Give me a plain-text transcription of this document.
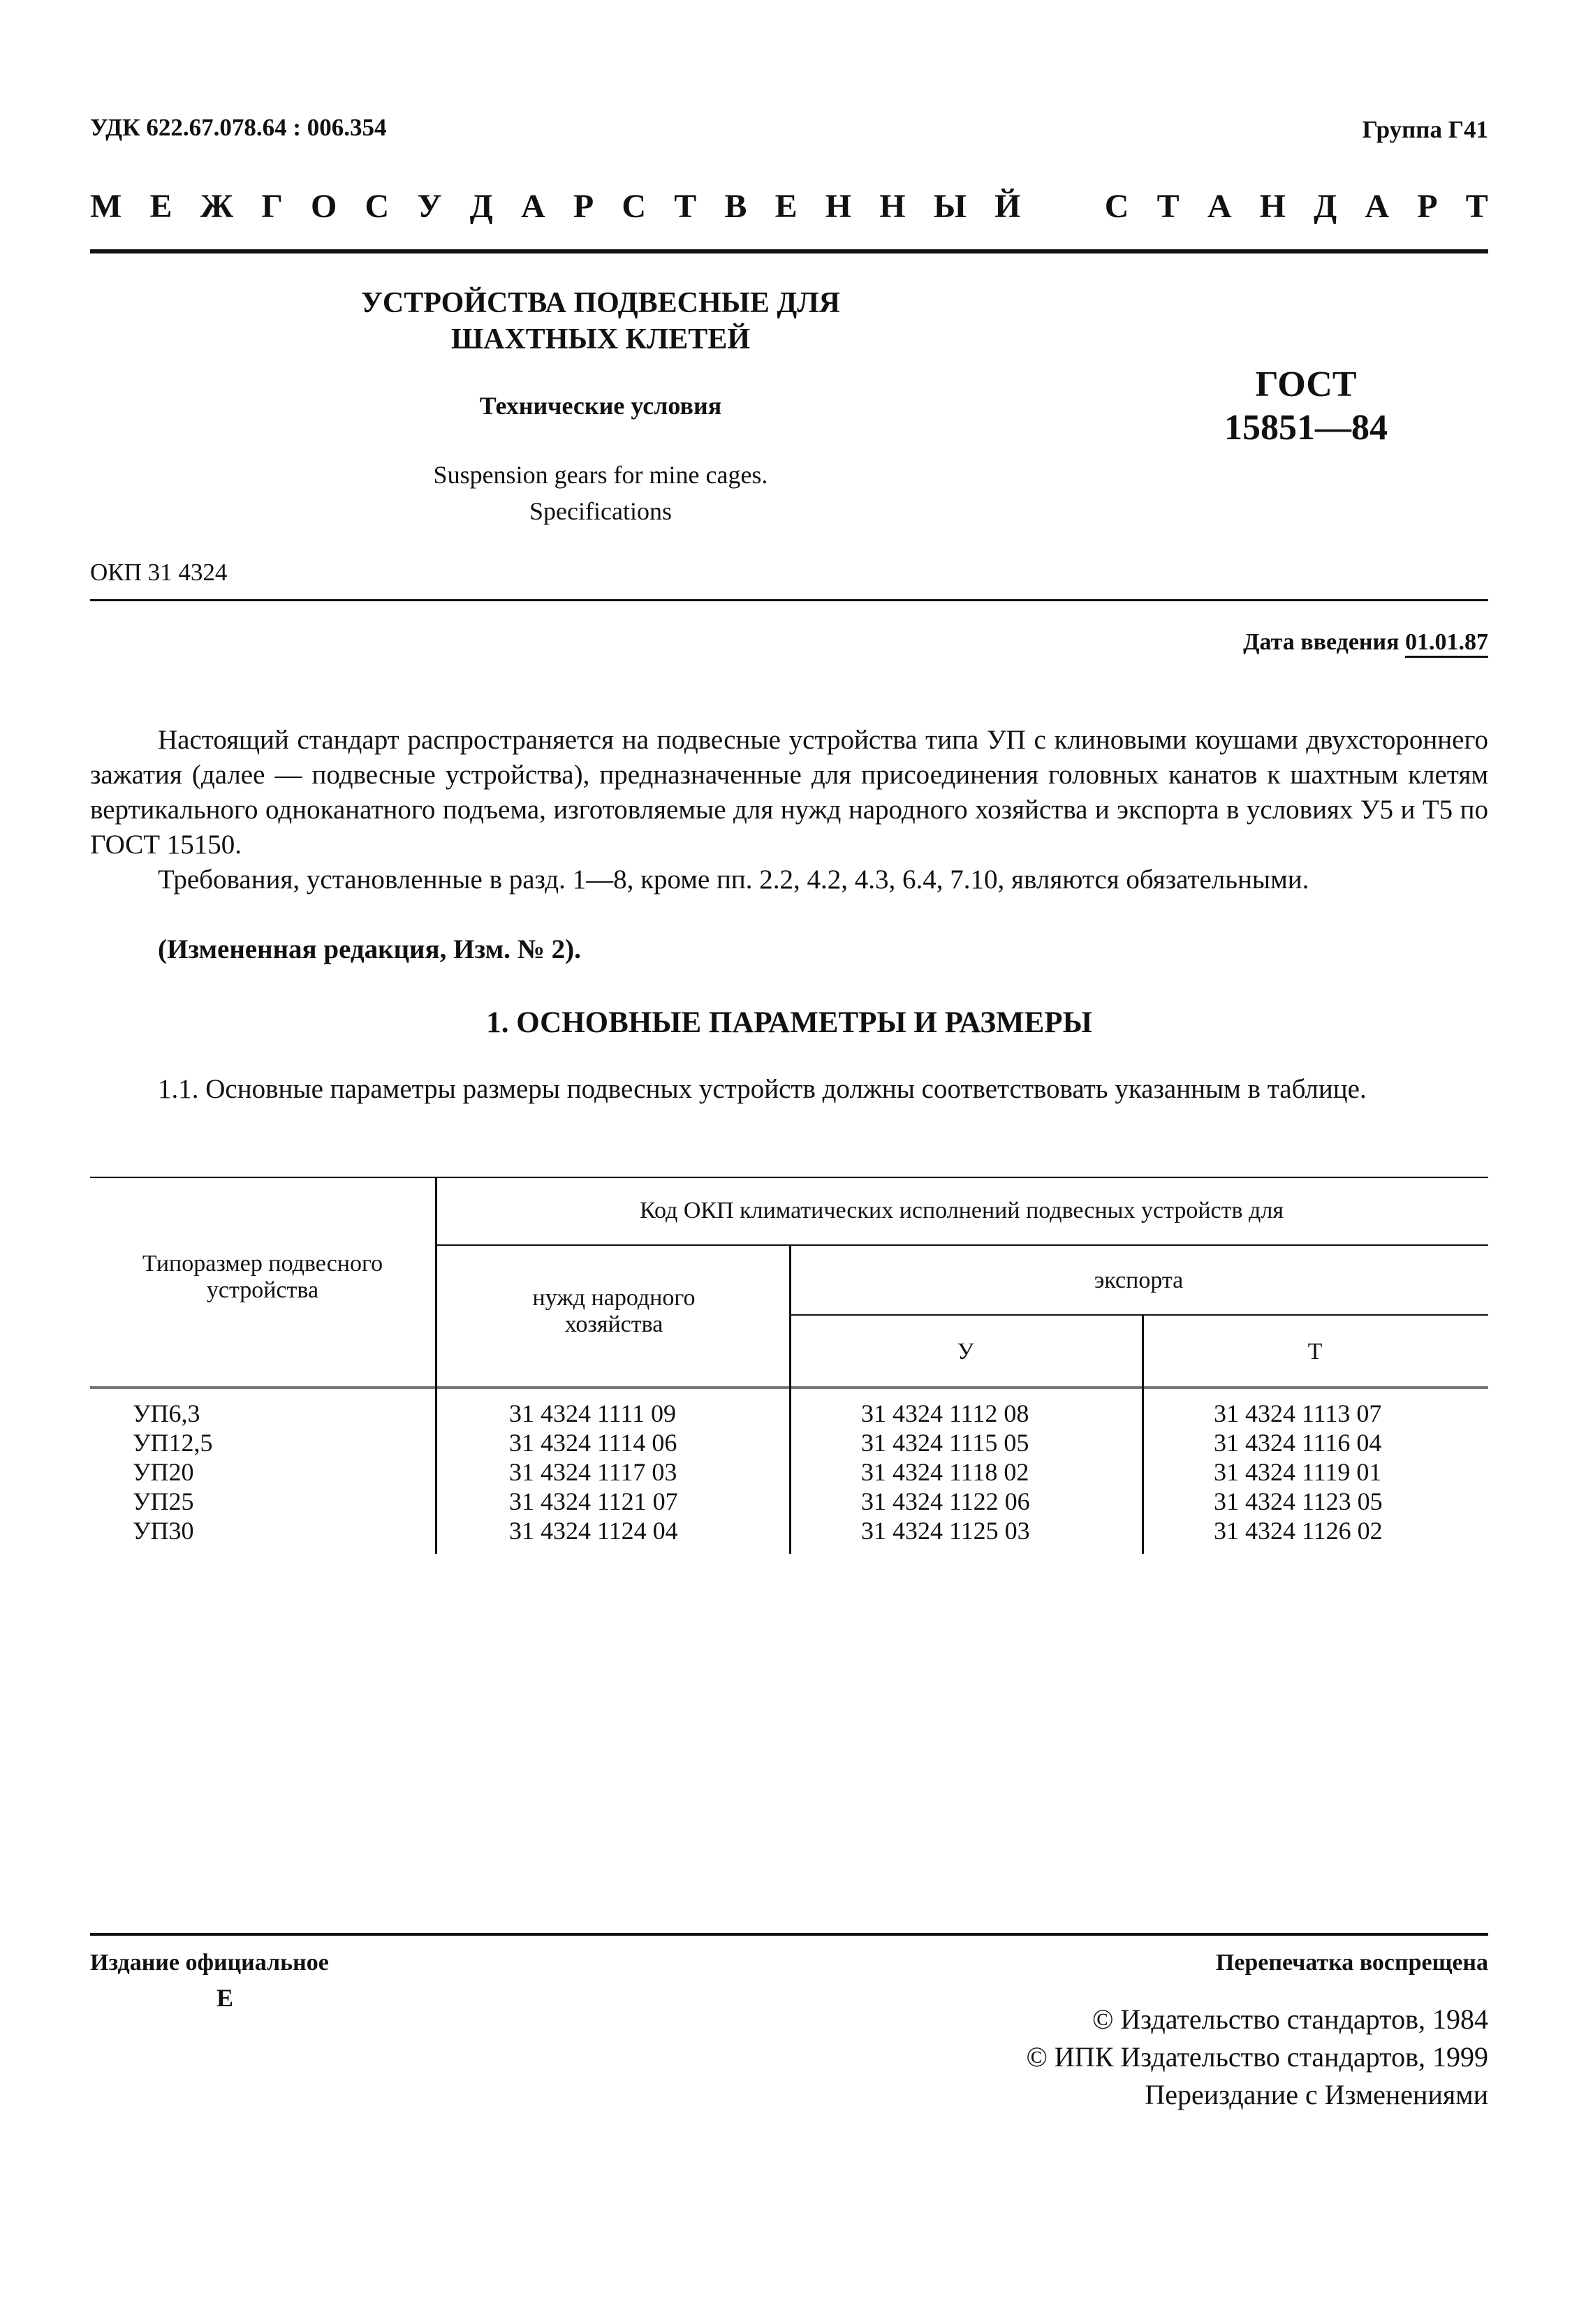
УДК 622.67.078.64 : 006.354	Группа Г41
М Е Ж Г О С У Д А Р С Т В Е Н Н Ы Й	С Т А Н Д А Р Т
УСТРОЙСТВА ПОДВЕСНЫЕ ДЛЯ
ШАХТНЫХ КЛЕТЕЙ
Технические условия
Suspension gears for mine cages.
Specifications
ГОСТ
15851—84
ОКП 31 4324
Дата введения 01.01.87
Настоящий стандарт распространяется на подвесные устройства типа УП с клиновыми коушами двухстороннего зажатия (далее — подвесные устройства), предназначенные для присоединения головных канатов к шахтным клетям вертикального одноканатного подъема, изготовляемые для нужд народного хозяйства и экспорта в условиях У5 и Т5 по ГОСТ 15150.
Требования, установленные в разд. 1—8, кроме пп. 2.2, 4.2, 4.3, 6.4, 7.10, являются обязательными.
(Измененная редакция, Изм. № 2).
1. ОСНОВНЫЕ ПАРАМЕТРЫ И РАЗМЕРЫ
1.1. Основные параметры размеры подвесных устройств должны соответствовать указанным в таблице.
Типоразмер подвесного устройства
Код ОКП климатических исполнений подвесных устройств для
нужд народного хозяйства
экспорта
У	Т
УП6,3	31 4324 1111 09	31 4324 1112 08	31 4324 1113 07
УП12,5	31 4324 1114 06	31 4324 1115 05	31 4324 1116 04
УП20	31 4324 1117 03	31 4324 1118 02	31 4324 1119 01
УП25	31 4324 1121 07	31 4324 1122 06	31 4324 1123 05
УП30	31 4324 1124 04	31 4324 1125 03	31 4324 1126 02
Издание официальное
Е
Перепечатка воспрещена
© Издательство стандартов, 1984
© ИПК Издательство стандартов, 1999
Переиздание с Изменениями
